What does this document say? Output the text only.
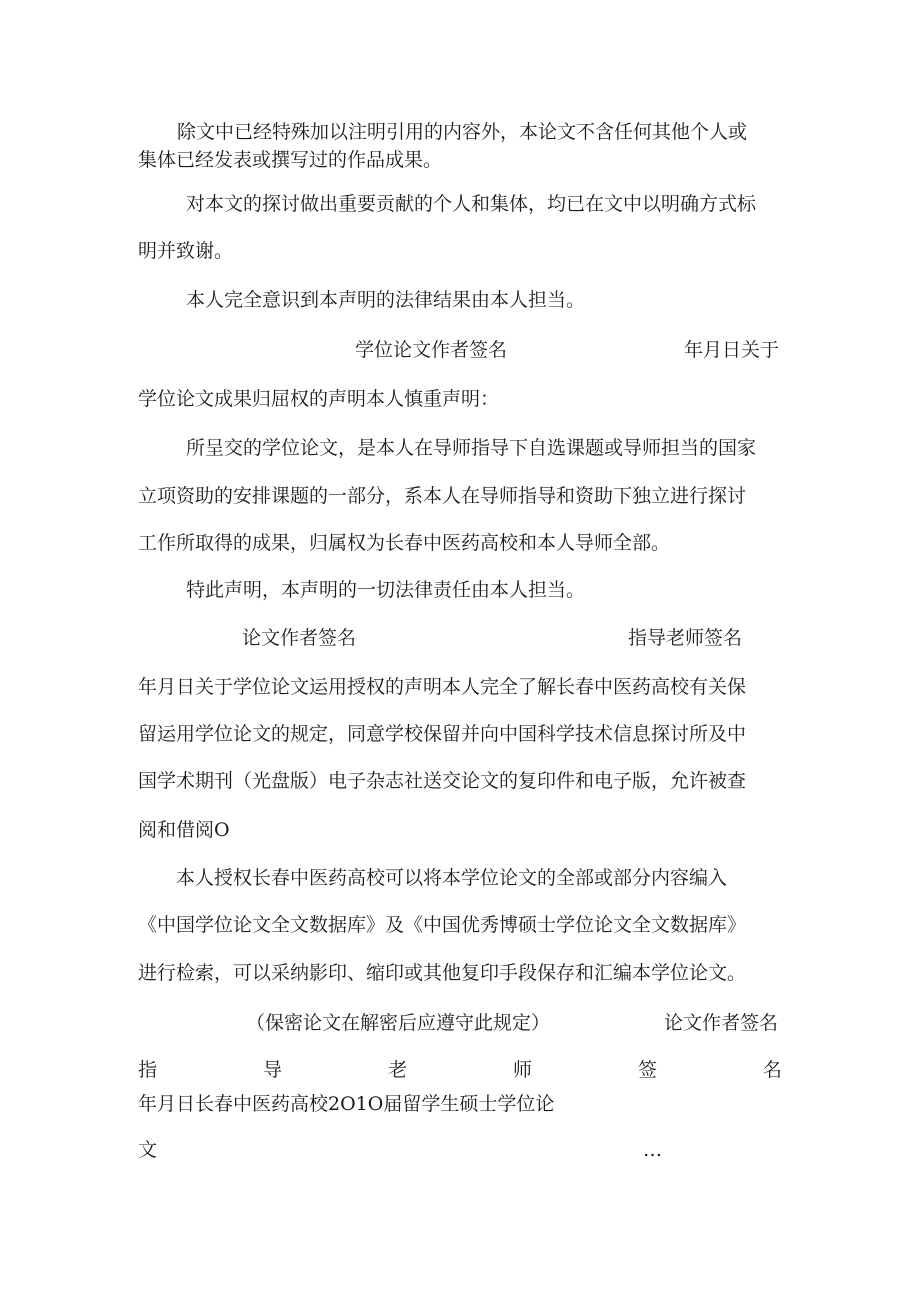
除文中已经特殊加以注明引用的内容外，本论文不含任何其他个人或
集体已经发表或撰写过的作品成果。
对本文的探讨做出重要贡献的个人和集体，均已在文中以明确方式标
明并致谢。
本人完全意识到本声明的法律结果由本人担当。
学位论文作者签名	年月日关于
学位论文成果归屈权的声明本人慎重声明：
所呈交的学位论文，是本人在导师指导下自选课题或导师担当的国家
立项资助的安排课题的一部分，系本人在导师指导和资助下独立进行探讨
工作所取得的成果，归属权为长春中医药高校和本人导师全部。
特此声明，本声明的一切法律责任由本人担当。
论文作者签名	指导老师签名
年月日关于学位论文运用授权的声明本人完全了解长春中医药高校有关保
留运用学位论文的规定，同意学校保留并向中国科学技术信息探讨所及中
国学术期刊（光盘版）电子杂志社送交论文的复印件和电子版，允许被查
阅和借阅O
本人授权长春中医药高校可以将本学位论文的全部或部分内容编入
《中国学位论文全文数据库》及《中国优秀博硕士学位论文全文数据库》
进行检索，可以采纳影印、缩印或其他复印手段保存和汇编本学位论文。
（保密论文在解密后应遵守此规定）	论文作者签名
指	导	老	师	签	名
年月日长春中医药高校2O1O届留学生硕士学位论
文	…
